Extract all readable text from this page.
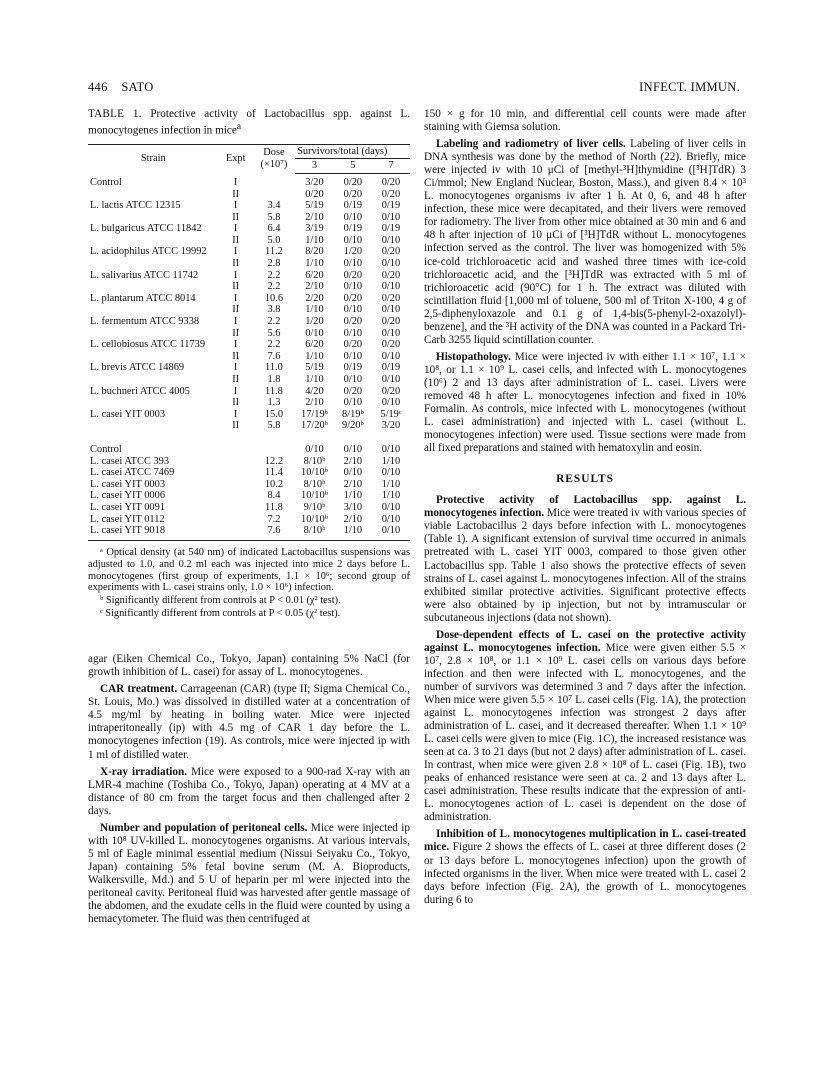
446 SATO	INFECT. IMMUN.
TABLE 1. Protective activity of Lactobacillus spp. against L. monocytogenes infection in mice$^a$
Strain	Expt	Dose (×10⁷)	Survivors/total (days)		
			3	5	7
Control	I		3/20	0/20	0/20
	II		0/20	0/20	0/20
L. lactis ATCC 12315	I	3.4	5/19	0/19	0/19
	II	5.8	2/10	0/10	0/10
L. bulgaricus ATCC 11842	I	6.4	3/19	0/19	0/19
	II	5.0	1/10	0/10	0/10
L. acidophilus ATCC 19992	I	11.2	8/20	1/20	0/20
	II	2.8	1/10	0/10	0/10
L. salivarius ATCC 11742	I	2.2	6/20	0/20	0/20
	II	2.2	2/10	0/10	0/10
L. plantarum ATCC 8014	I	10.6	2/20	0/20	0/20
	II	3.8	1/10	0/10	0/10
L. fermentum ATCC 9338	I	2.2	1/20	0/20	0/20
	II	5.6	0/10	0/10	0/10
L. cellobiosus ATCC 11739	I	2.2	6/20	0/20	0/20
	II	7.6	1/10	0/10	0/10
L. brevis ATCC 14869	I	11.0	5/19	0/19	0/19
	II	1.8	1/10	0/10	0/10
L. buchneri ATCC 4005	I	11.8	4/20	0/20	0/20
	II	1.3	2/10	0/10	0/10
L. casei YIT 0003	I	15.0	17/19ᵇ	8/19ᵇ	5/19ᶜ
	II	5.8	17/20ᵇ	9/20ᵇ	3/20
Control			0/10	0/10	0/10
L. casei ATCC 393		12.2	8/10ᵇ	2/10	1/10
L. casei ATCC 7469		11.4	10/10ᵇ	0/10	0/10
L. casei YIT 0003		10.2	8/10ᵇ	2/10	1/10
L. casei YIT 0006		8.4	10/10ᵇ	1/10	1/10
L. casei YIT 0091		11.8	9/10ᵇ	3/10	0/10
L. casei YIT 0112		7.2	10/10ᵇ	2/10	0/10
L. casei YIT 9018		7.6	8/10ᵇ	1/10	0/10

ᵃ Optical density (at 540 nm) of indicated Lactobacillus suspensions was adjusted to 1.0, and 0.2 ml each was injected into mice 2 days before L. monocytogenes (first group of experiments, 1.1 × 10⁶; second group of experiments with L. casei strains only, 1.0 × 10⁶) infection.

ᵇ Significantly different from controls at P < 0.01 (χ² test).

ᶜ Significantly different from controls at P < 0.05 (χ² test).

agar (Eiken Chemical Co., Tokyo, Japan) containing 5% NaCl (for growth inhibition of L. casei) for assay of L. monocytogenes.

CAR treatment. Carrageenan (CAR) (type II; Sigma Chemical Co., St. Louis, Mo.) was dissolved in distilled water at a concentration of 4.5 mg/ml by heating in boiling water. Mice were injected intraperitoneally (ip) with 4.5 mg of CAR 1 day before the L. monocytogenes infection (19). As controls, mice were injected ip with 1 ml of distilled water.

X-ray irradiation. Mice were exposed to a 900-rad X-ray with an LMR-4 machine (Toshiba Co., Tokyo, Japan) operating at 4 MV at a distance of 80 cm from the target focus and then challenged after 2 days.

Number and population of peritoneal cells. Mice were injected ip with 10⁸ UV-killed L. monocytogenes organisms. At various intervals, 5 ml of Eagle minimal essential medium (Nissui Seiyaku Co., Tokyo, Japan) containing 5% fetal bovine serum (M. A. Bioproducts, Walkersville, Md.) and 5 U of heparin per ml were injected into the peritoneal cavity. Peritoneal fluid was harvested after gentle massage of the abdomen, and the exudate cells in the fluid were counted by using a hemacytometer. The fluid was then centrifuged at

150 × g for 10 min, and differential cell counts were made after staining with Giemsa solution.

Labeling and radiometry of liver cells. Labeling of liver cells in DNA synthesis was done by the method of North (22). Briefly, mice were injected iv with 10 μCi of [methyl-³H]thymidine ([³H]TdR) 3 Ci/mmol; New England Nuclear, Boston, Mass.), and given 8.4 × 10³ L. monocytogenes organisms iv after 1 h. At 0, 6, and 48 h after infection, these mice were decapitated, and their livers were removed for radiometry. The liver from other mice obtained at 30 min and 6 and 48 h after injection of 10 μCi of [³H]TdR without L. monocytogenes infection served as the control. The liver was homogenized with 5% ice-cold trichloroacetic acid and washed three times with ice-cold trichloroacetic acid, and the [³H]TdR was extracted with 5 ml of trichloroacetic acid (90°C) for 1 h. The extract was diluted with scintillation fluid [1,000 ml of toluene, 500 ml of Triton X-100, 4 g of 2,5-diphenyloxazole and 0.1 g of 1,4-bis(5-phenyl-2-oxazolyl)-benzene], and the ³H activity of the DNA was counted in a Packard Tri-Carb 3255 liquid scintillation counter.

Histopathology. Mice were injected iv with either 1.1 × 10⁷, 1.1 × 10⁸, or 1.1 × 10⁹ L. casei cells, and infected with L. monocytogenes (10⁶) 2 and 13 days after administration of L. casei. Livers were removed 48 h after L. monocytogenes infection and fixed in 10% Formalin. As controls, mice infected with L. monocytogenes (without L. casei administration) and injected with L. casei (without L. monocytogenes infection) were used. Tissue sections were made from all fixed preparations and stained with hematoxylin and eosin.

RESULTS

Protective activity of Lactobacillus spp. against L. monocytogenes infection. Mice were treated iv with various species of viable Lactobacillus 2 days before infection with L. monocytogenes (Table 1). A significant extension of survival time occurred in animals pretreated with L. casei YIT 0003, compared to those given other Lactobacillus spp. Table 1 also shows the protective effects of seven strains of L. casei against L. monocytogenes infection. All of the strains exhibited similar protective activities. Significant protective effects were also obtained by ip injection, but not by intramuscular or subcutaneous injections (data not shown).

Dose-dependent effects of L. casei on the protective activity against L. monocytogenes infection. Mice were given either 5.5 × 10⁷, 2.8 × 10⁸, or 1.1 × 10⁹ L. casei cells on various days before infection and then were infected with L. monocytogenes, and the number of survivors was determined 3 and 7 days after the infection. When mice were given 5.5 × 10⁷ L. casei cells (Fig. 1A), the protection against L. monocytogenes infection was strongest 2 days after administration of L. casei, and it decreased thereafter. When 1.1 × 10⁹ L. casei cells were given to mice (Fig. 1C), the increased resistance was seen at ca. 3 to 21 days (but not 2 days) after administration of L. casei. In contrast, when mice were given 2.8 × 10⁸ of L. casei (Fig. 1B), two peaks of enhanced resistance were seen at ca. 2 and 13 days after L. casei administration. These results indicate that the expression of anti-L. monocytogenes action of L. casei is dependent on the dose of administration.

Inhibition of L. monocytogenes multiplication in L. casei-treated mice. Figure 2 shows the effects of L. casei at three different doses (2 or 13 days before L. monocytogenes infection) upon the growth of infected organisms in the liver. When mice were treated with L. casei 2 days before infection (Fig. 2A), the growth of L. monocytogenes during 6 to
